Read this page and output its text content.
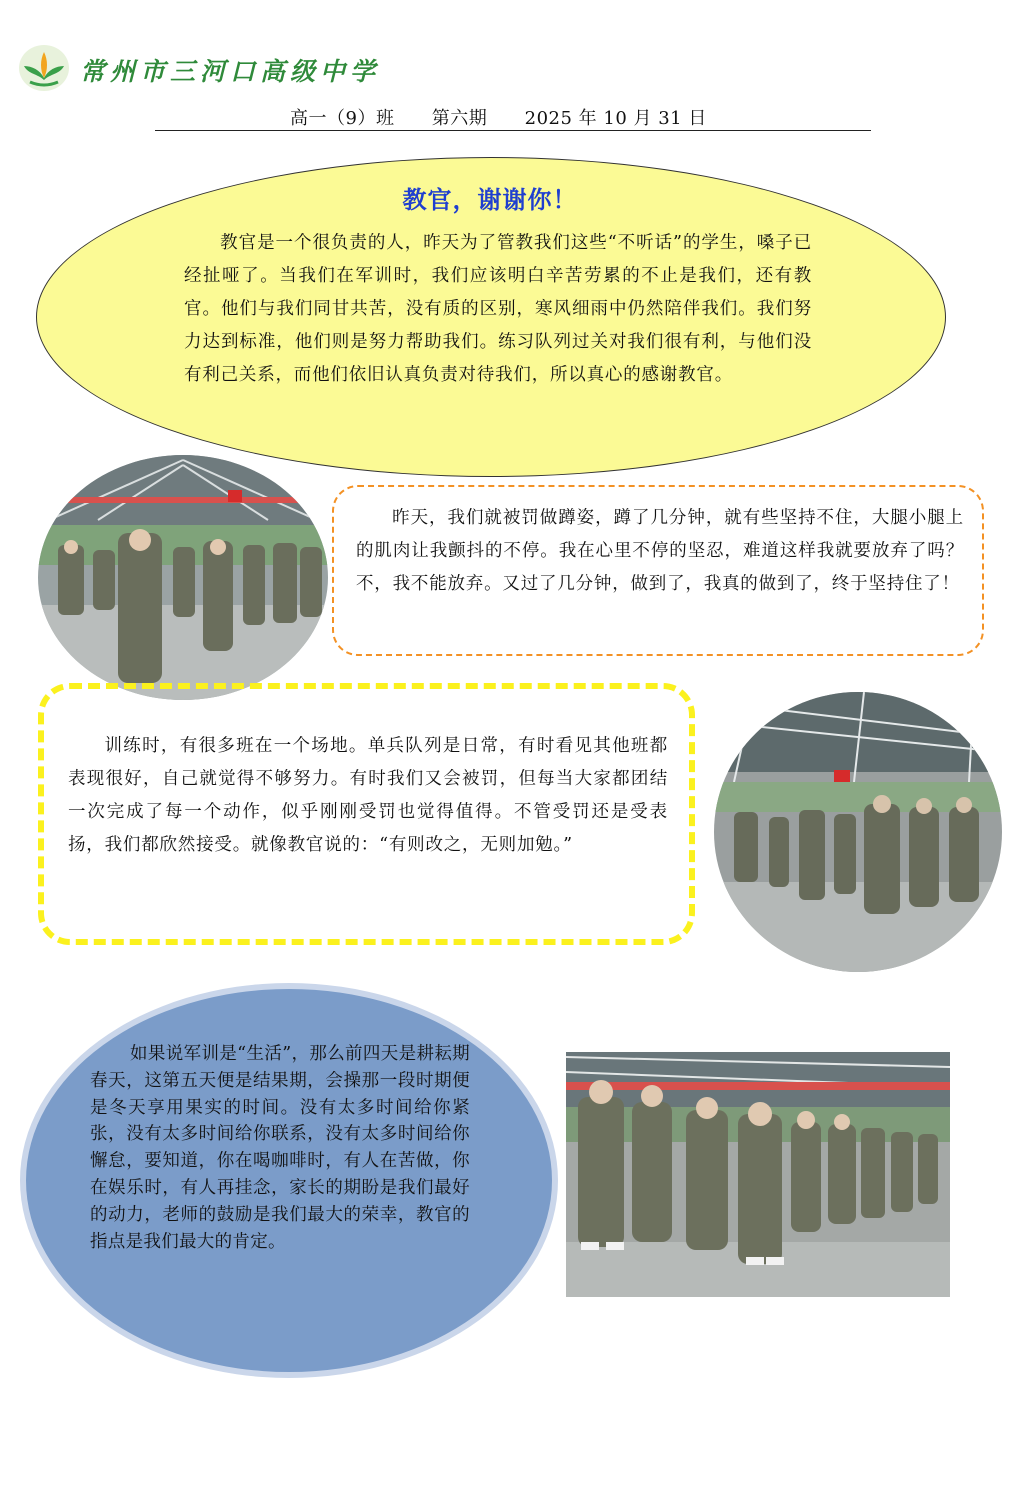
常州市三河口高级中学
高一（9）班      第六期      2025 年 10 月 31 日
教官，谢谢你！
教官是一个很负责的人，昨天为了管教我们这些“不听话”的学生，嗓子已经扯哑了。当我们在军训时，我们应该明白辛苦劳累的不止是我们，还有教官。他们与我们同甘共苦，没有质的区别，寒风细雨中仍然陪伴我们。我们努力达到标准，他们则是努力帮助我们。练习队列过关对我们很有利，与他们没有利己关系，而他们依旧认真负责对待我们，所以真心的感谢教官。
昨天，我们就被罚做蹲姿，蹲了几分钟，就有些坚持不住，大腿小腿上的肌肉让我颤抖的不停。我在心里不停的坚忍，难道这样我就要放弃了吗？不，我不能放弃。又过了几分钟，做到了，我真的做到了，终于坚持住了！
训练时，有很多班在一个场地。单兵队列是日常，有时看见其他班都表现很好，自己就觉得不够努力。有时我们又会被罚，但每当大家都团结一次完成了每一个动作，似乎刚刚受罚也觉得值得。不管受罚还是受表扬，我们都欣然接受。就像教官说的：“有则改之，无则加勉。”
如果说军训是“生活”，那么前四天是耕耘期春天，这第五天便是结果期，会操那一段时期便是冬天享用果实的时间。没有太多时间给你紧张，没有太多时间给你联系，没有太多时间给你懈怠，要知道，你在喝咖啡时，有人在苦做，你在娱乐时，有人再挂念，家长的期盼是我们最好的动力，老师的鼓励是我们最大的荣幸，教官的指点是我们最大的肯定。
